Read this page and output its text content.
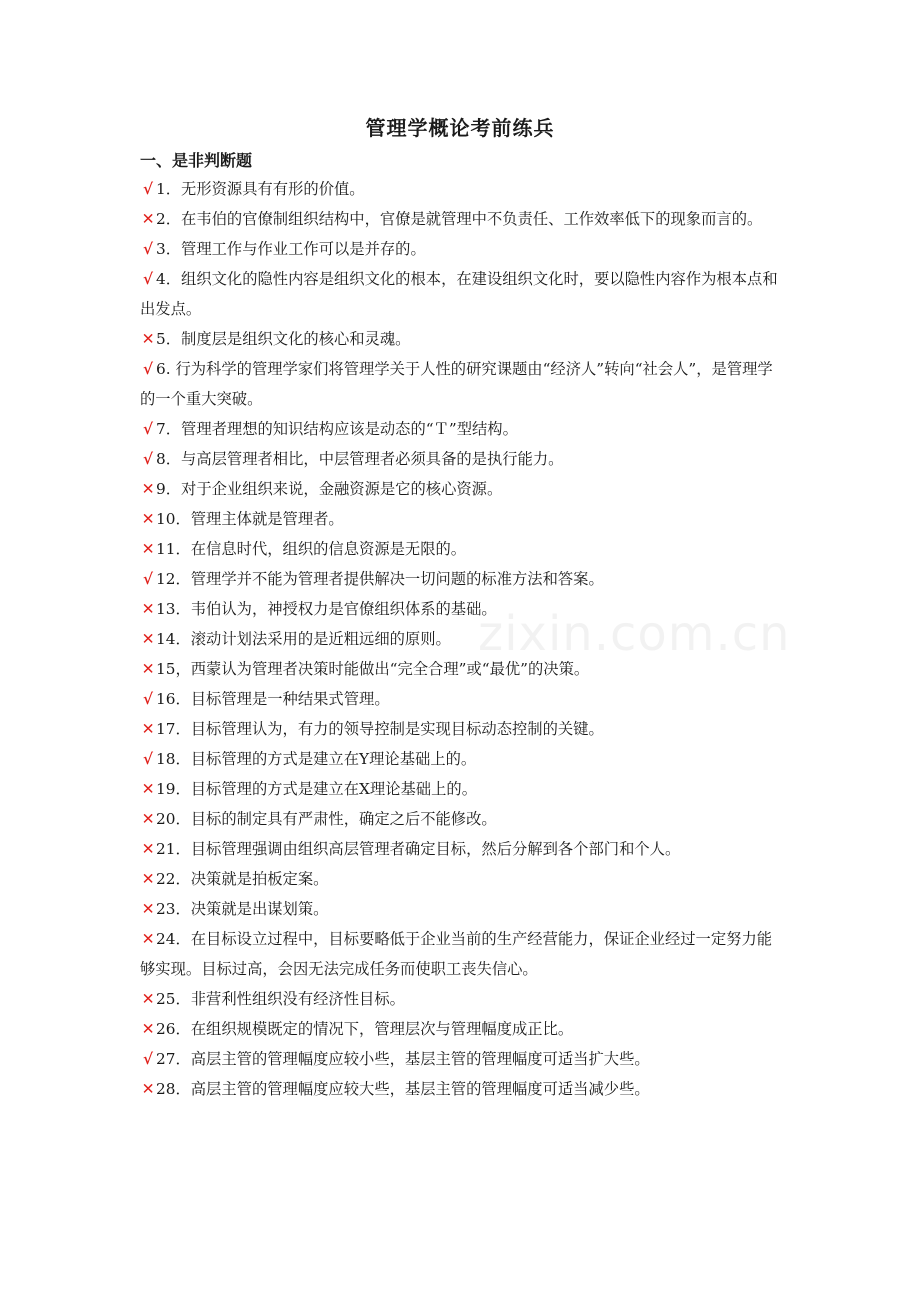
管理学概论考前练兵
一、是非判断题

√ 1．无形资源具有有形的价值。

✕ 2．在韦伯的官僚制组织结构中，官僚是就管理中不负责任、工作效率低下的现象而言的。

√ 3．管理工作与作业工作可以是并存的。

√ 4．组织文化的隐性内容是组织文化的根本，在建设组织文化时，要以隐性内容作为根本点和出发点。

✕ 5．制度层是组织文化的核心和灵魂。

√ 6. 行为科学的管理学家们将管理学关于人性的研究课题由“经济人”转向“社会人”，是管理学的一个重大突破。

√ 7．管理者理想的知识结构应该是动态的“Ｔ”型结构。

√ 8．与高层管理者相比，中层管理者必须具备的是执行能力。

✕ 9．对于企业组织来说，金融资源是它的核心资源。

✕ 10．管理主体就是管理者。

✕ 11．在信息时代，组织的信息资源是无限的。

√ 12．管理学并不能为管理者提供解决一切问题的标准方法和答案。

✕ 13．韦伯认为，神授权力是官僚组织体系的基础。

✕ 14．滚动计划法采用的是近粗远细的原则。

✕ 15，西蒙认为管理者决策时能做出“完全合理”或“最优”的决策。

√ 16．目标管理是一种结果式管理。

✕ 17．目标管理认为，有力的领导控制是实现目标动态控制的关键。

√ 18．目标管理的方式是建立在Y理论基础上的。

✕ 19．目标管理的方式是建立在X理论基础上的。

✕ 20．目标的制定具有严肃性，确定之后不能修改。

✕ 21．目标管理强调由组织高层管理者确定目标，然后分解到各个部门和个人。

✕ 22．决策就是拍板定案。

✕ 23．决策就是出谋划策。

✕ 24．在目标设立过程中，目标要略低于企业当前的生产经营能力，保证企业经过一定努力能够实现。目标过高，会因无法完成任务而使职工丧失信心。

✕ 25．非营利性组织没有经济性目标。

✕ 26．在组织规模既定的情况下，管理层次与管理幅度成正比。

√ 27．高层主管的管理幅度应较小些，基层主管的管理幅度可适当扩大些。

✕ 28．高层主管的管理幅度应较大些，基层主管的管理幅度可适当减少些。

zixin.com.cn
